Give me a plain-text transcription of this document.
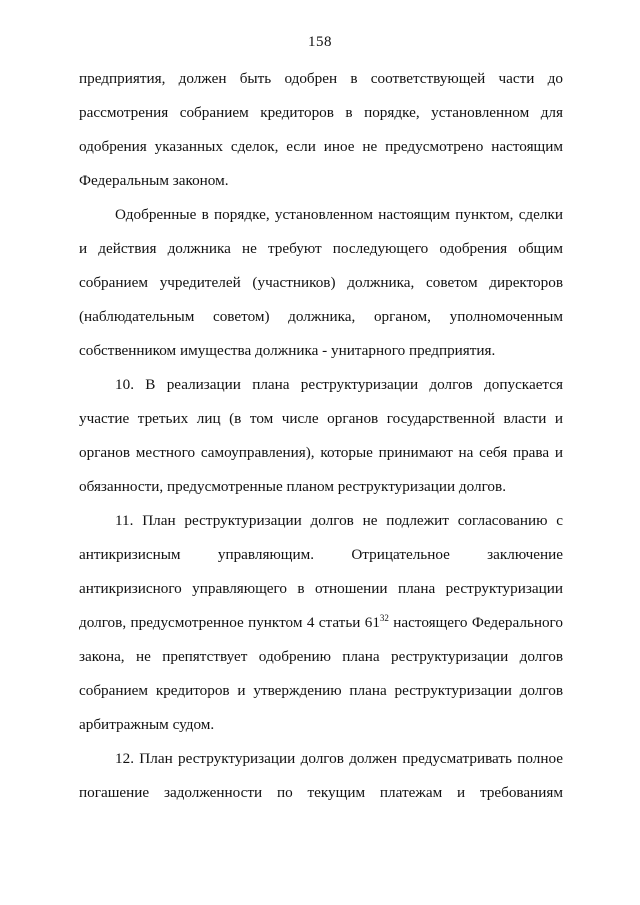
158
предприятия, должен быть одобрен в соответствующей части до
рассмотрения собранием кредиторов в порядке, установленном для
одобрения указанных сделок, если иное не предусмотрено настоящим
Федеральным законом.
Одобренные в порядке, установленном настоящим пунктом, сделки
и действия должника не требуют последующего одобрения общим
собранием учредителей (участников) должника, советом директоров
(наблюдательным советом) должника, органом, уполномоченным
собственником имущества должника - унитарного предприятия.
10. В реализации плана реструктуризации долгов допускается
участие третьих лиц (в том числе органов государственной власти и
органов местного самоуправления), которые принимают на себя права и
обязанности, предусмотренные планом реструктуризации долгов.
11. План реструктуризации долгов не подлежит согласованию с
антикризисным управляющим. Отрицательное заключение
антикризисного управляющего в отношении плана реструктуризации
долгов, предусмотренное пунктом 4 статьи $61^{32}$ настоящего Федерального
закона, не препятствует одобрению плана реструктуризации долгов
собранием кредиторов и утверждению плана реструктуризации долгов
арбитражным судом.
12. План реструктуризации долгов должен предусматривать полное
погашение задолженности по текущим платежам и требованиям
